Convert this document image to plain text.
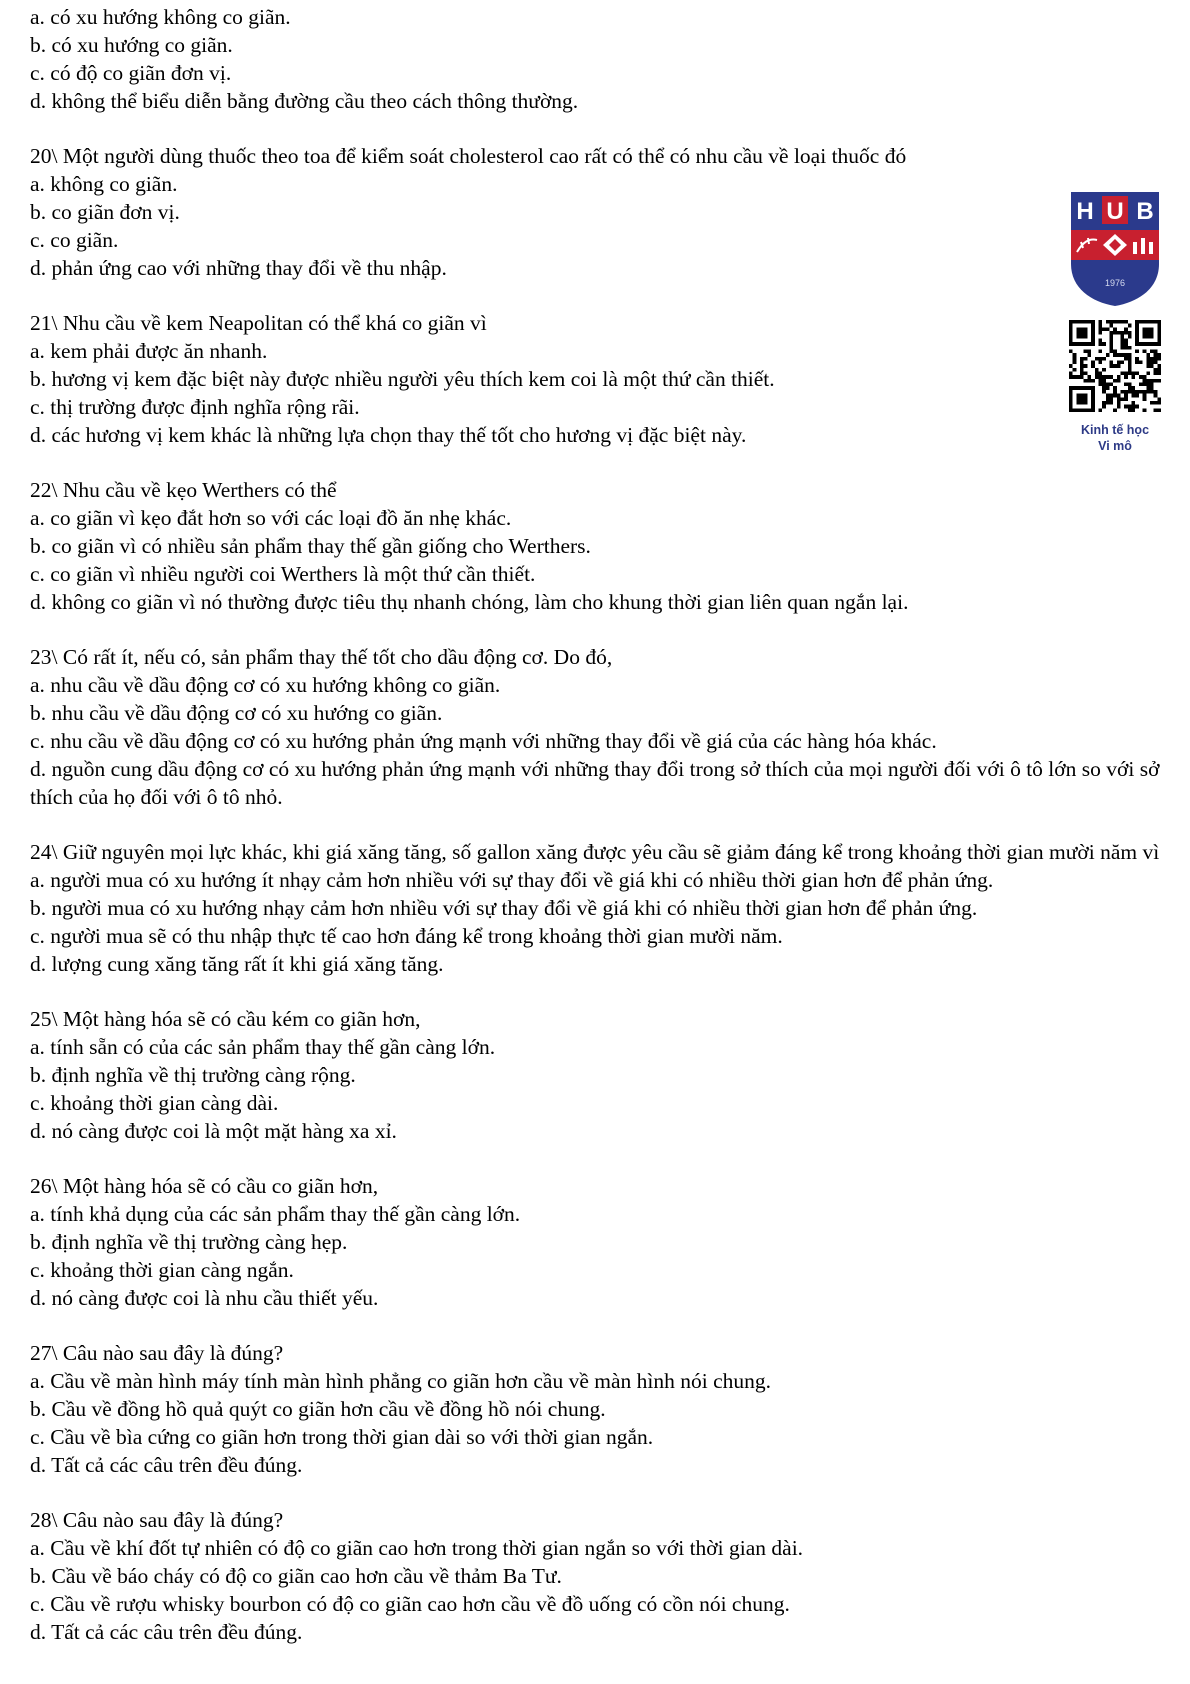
a. có xu hướng không co giãn.
b. có xu hướng co giãn.
c. có độ co giãn đơn vị.
d. không thể biểu diễn bằng đường cầu theo cách thông thường.
20\ Một người dùng thuốc theo toa để kiểm soát cholesterol cao rất có thể có nhu cầu về loại thuốc đó
a. không co giãn.
b. co giãn đơn vị.
c. co giãn.
d. phản ứng cao với những thay đổi về thu nhập.
21\ Nhu cầu về kem Neapolitan có thể khá co giãn vì
a. kem phải được ăn nhanh.
b. hương vị kem đặc biệt này được nhiều người yêu thích kem coi là một thứ cần thiết.
c. thị trường được định nghĩa rộng rãi.
d. các hương vị kem khác là những lựa chọn thay thế tốt cho hương vị đặc biệt này.
22\ Nhu cầu về kẹo Werthers có thể
a. co giãn vì kẹo đắt hơn so với các loại đồ ăn nhẹ khác.
b. co giãn vì có nhiều sản phẩm thay thế gần giống cho Werthers.
c. co giãn vì nhiều người coi Werthers là một thứ cần thiết.
d. không co giãn vì nó thường được tiêu thụ nhanh chóng, làm cho khung thời gian liên quan ngắn lại.
23\ Có rất ít, nếu có, sản phẩm thay thế tốt cho dầu động cơ. Do đó,
a. nhu cầu về dầu động cơ có xu hướng không co giãn.
b. nhu cầu về dầu động cơ có xu hướng co giãn.
c. nhu cầu về dầu động cơ có xu hướng phản ứng mạnh với những thay đổi về giá của các hàng hóa khác.
d. nguồn cung dầu động cơ có xu hướng phản ứng mạnh với những thay đổi trong sở thích của mọi người đối với ô tô lớn so với sở thích của họ đối với ô tô nhỏ.
24\ Giữ nguyên mọi lực khác, khi giá xăng tăng, số gallon xăng được yêu cầu sẽ giảm đáng kể trong khoảng thời gian mười năm vì
a. người mua có xu hướng ít nhạy cảm hơn nhiều với sự thay đổi về giá khi có nhiều thời gian hơn để phản ứng.
b. người mua có xu hướng nhạy cảm hơn nhiều với sự thay đổi về giá khi có nhiều thời gian hơn để phản ứng.
c. người mua sẽ có thu nhập thực tế cao hơn đáng kể trong khoảng thời gian mười năm.
d. lượng cung xăng tăng rất ít khi giá xăng tăng.
25\ Một hàng hóa sẽ có cầu kém co giãn hơn,
a. tính sẵn có của các sản phẩm thay thế gần càng lớn.
b. định nghĩa về thị trường càng rộng.
c. khoảng thời gian càng dài.
d. nó càng được coi là một mặt hàng xa xỉ.
26\ Một hàng hóa sẽ có cầu co giãn hơn,
a. tính khả dụng của các sản phẩm thay thế gần càng lớn.
b. định nghĩa về thị trường càng hẹp.
c. khoảng thời gian càng ngắn.
d. nó càng được coi là nhu cầu thiết yếu.
27\ Câu nào sau đây là đúng?
a. Cầu về màn hình máy tính màn hình phẳng co giãn hơn cầu về màn hình nói chung.
b. Cầu về đồng hồ quả quýt co giãn hơn cầu về đồng hồ nói chung.
c. Cầu về bìa cứng co giãn hơn trong thời gian dài so với thời gian ngắn.
d. Tất cả các câu trên đều đúng.
28\ Câu nào sau đây là đúng?
a. Cầu về khí đốt tự nhiên có độ co giãn cao hơn trong thời gian ngắn so với thời gian dài.
b. Cầu về báo cháy có độ co giãn cao hơn cầu về thảm Ba Tư.
c. Cầu về rượu whisky bourbon có độ co giãn cao hơn cầu về đồ uống có cồn nói chung.
d. Tất cả các câu trên đều đúng.
H U B
1976
Kinh tế học
Vi mô
